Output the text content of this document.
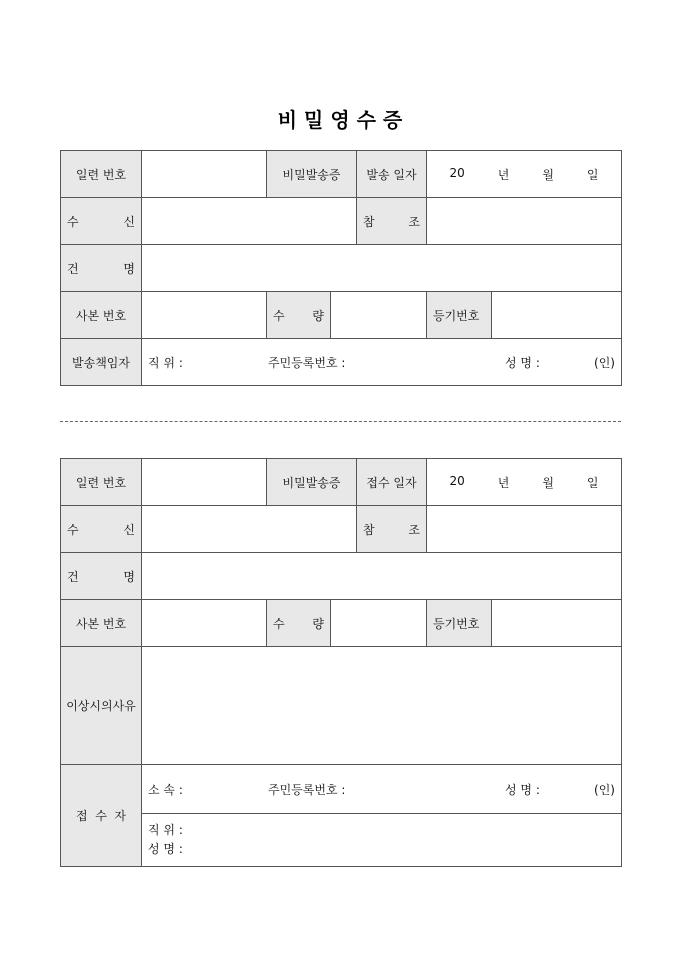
비 밀 영 수 증
일련 번호		비밀발송증		발송 일자	20 년 월 일	

수 신				참 조		

건 명						

사본 번호		수 량			등기번호	
발송책임자	직 위 : 주민등록번호 : 성 명 : (인)					
일련 번호		비밀발송증		접수 일자	20 년 월 일	

수 신				참 조		

건 명						

사본 번호		수 량			등기번호	
이상시의사유						
접  수  자	소 속 : 주민등록번호 : 성 명 : (인)					

	직 위 :
성 명 :					
